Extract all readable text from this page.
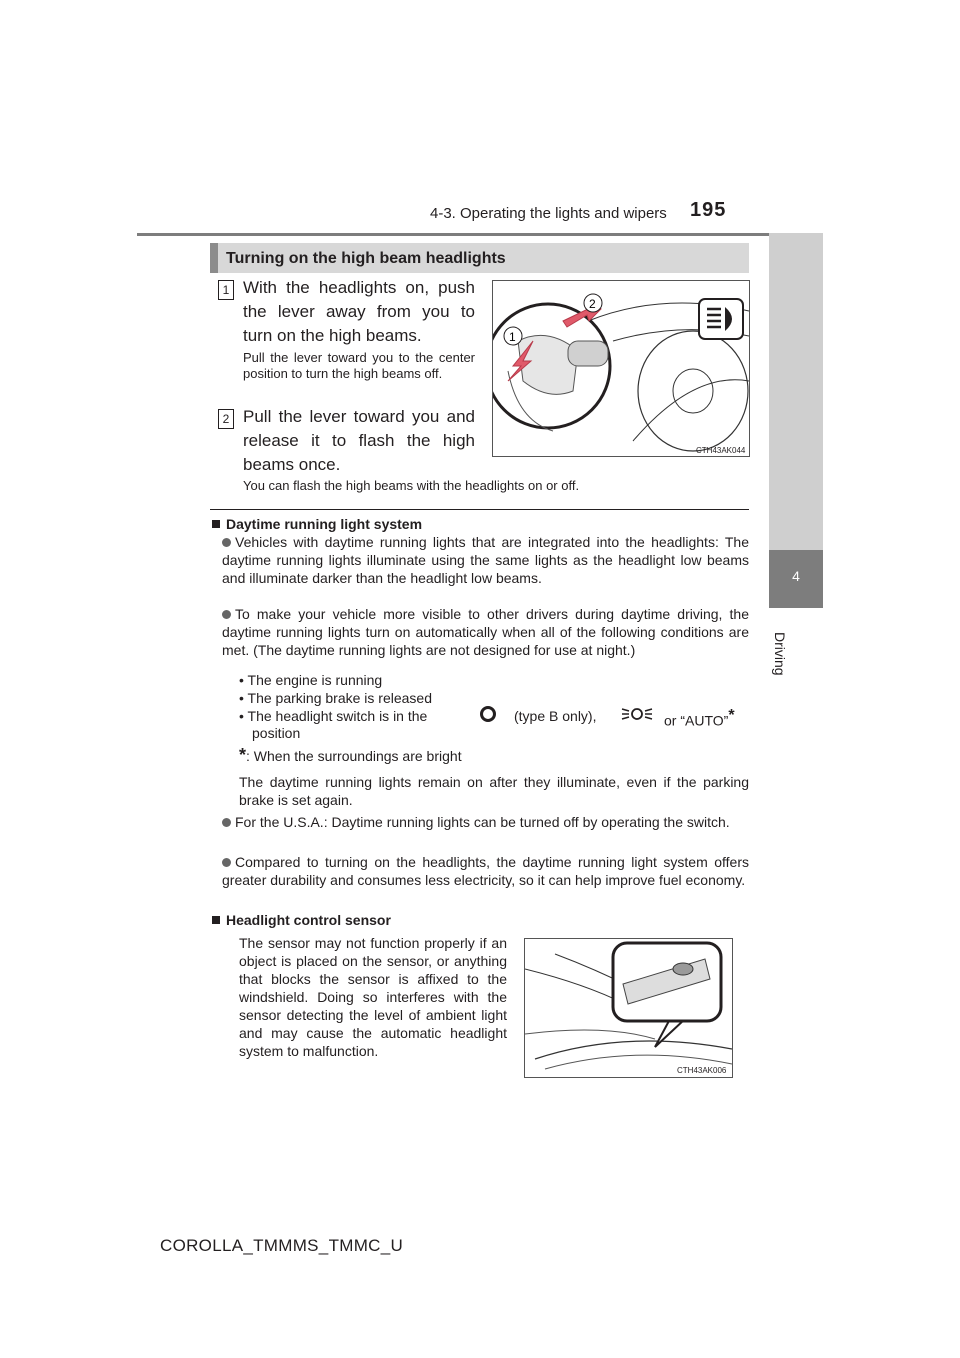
4-3. Operating the lights and wipers 195
4
Driving
Turning on the high beam headlights
1 With the headlights on, push the lever away from you to turn on the high beams.
Pull the lever toward you to the center position to turn the high beams off.
2 Pull the lever toward you and release it to flash the high beams once.
You can flash the high beams with the headlights on or off.
2
1
CTH43AK044
Daytime running light system
Vehicles with daytime running lights that are integrated into the headlights: The daytime running lights illuminate using the same lights as the headlight low beams and illuminate darker than the headlight low beams.
To make your vehicle more visible to other drivers during daytime driving, the daytime running lights turn on automatically when all of the following conditions are met. (The daytime running lights are not designed for use at night.)
• The engine is running
• The parking brake is released
• The headlight switch is in the	(type B only),	or “AUTO”*
position
*: When the surroundings are bright
The daytime running lights remain on after they illuminate, even if the parking brake is set again.
For the U.S.A.: Daytime running lights can be turned off by operating the switch.
Compared to turning on the headlights, the daytime running light system offers greater durability and consumes less electricity, so it can help improve fuel economy.
Headlight control sensor
The sensor may not function properly if an object is placed on the sensor, or anything that blocks the sensor is affixed to the windshield. Doing so interferes with the sensor detecting the level of ambient light and may cause the automatic headlight system to malfunction.
CTH43AK006
COROLLA_TMMMS_TMMC_U
